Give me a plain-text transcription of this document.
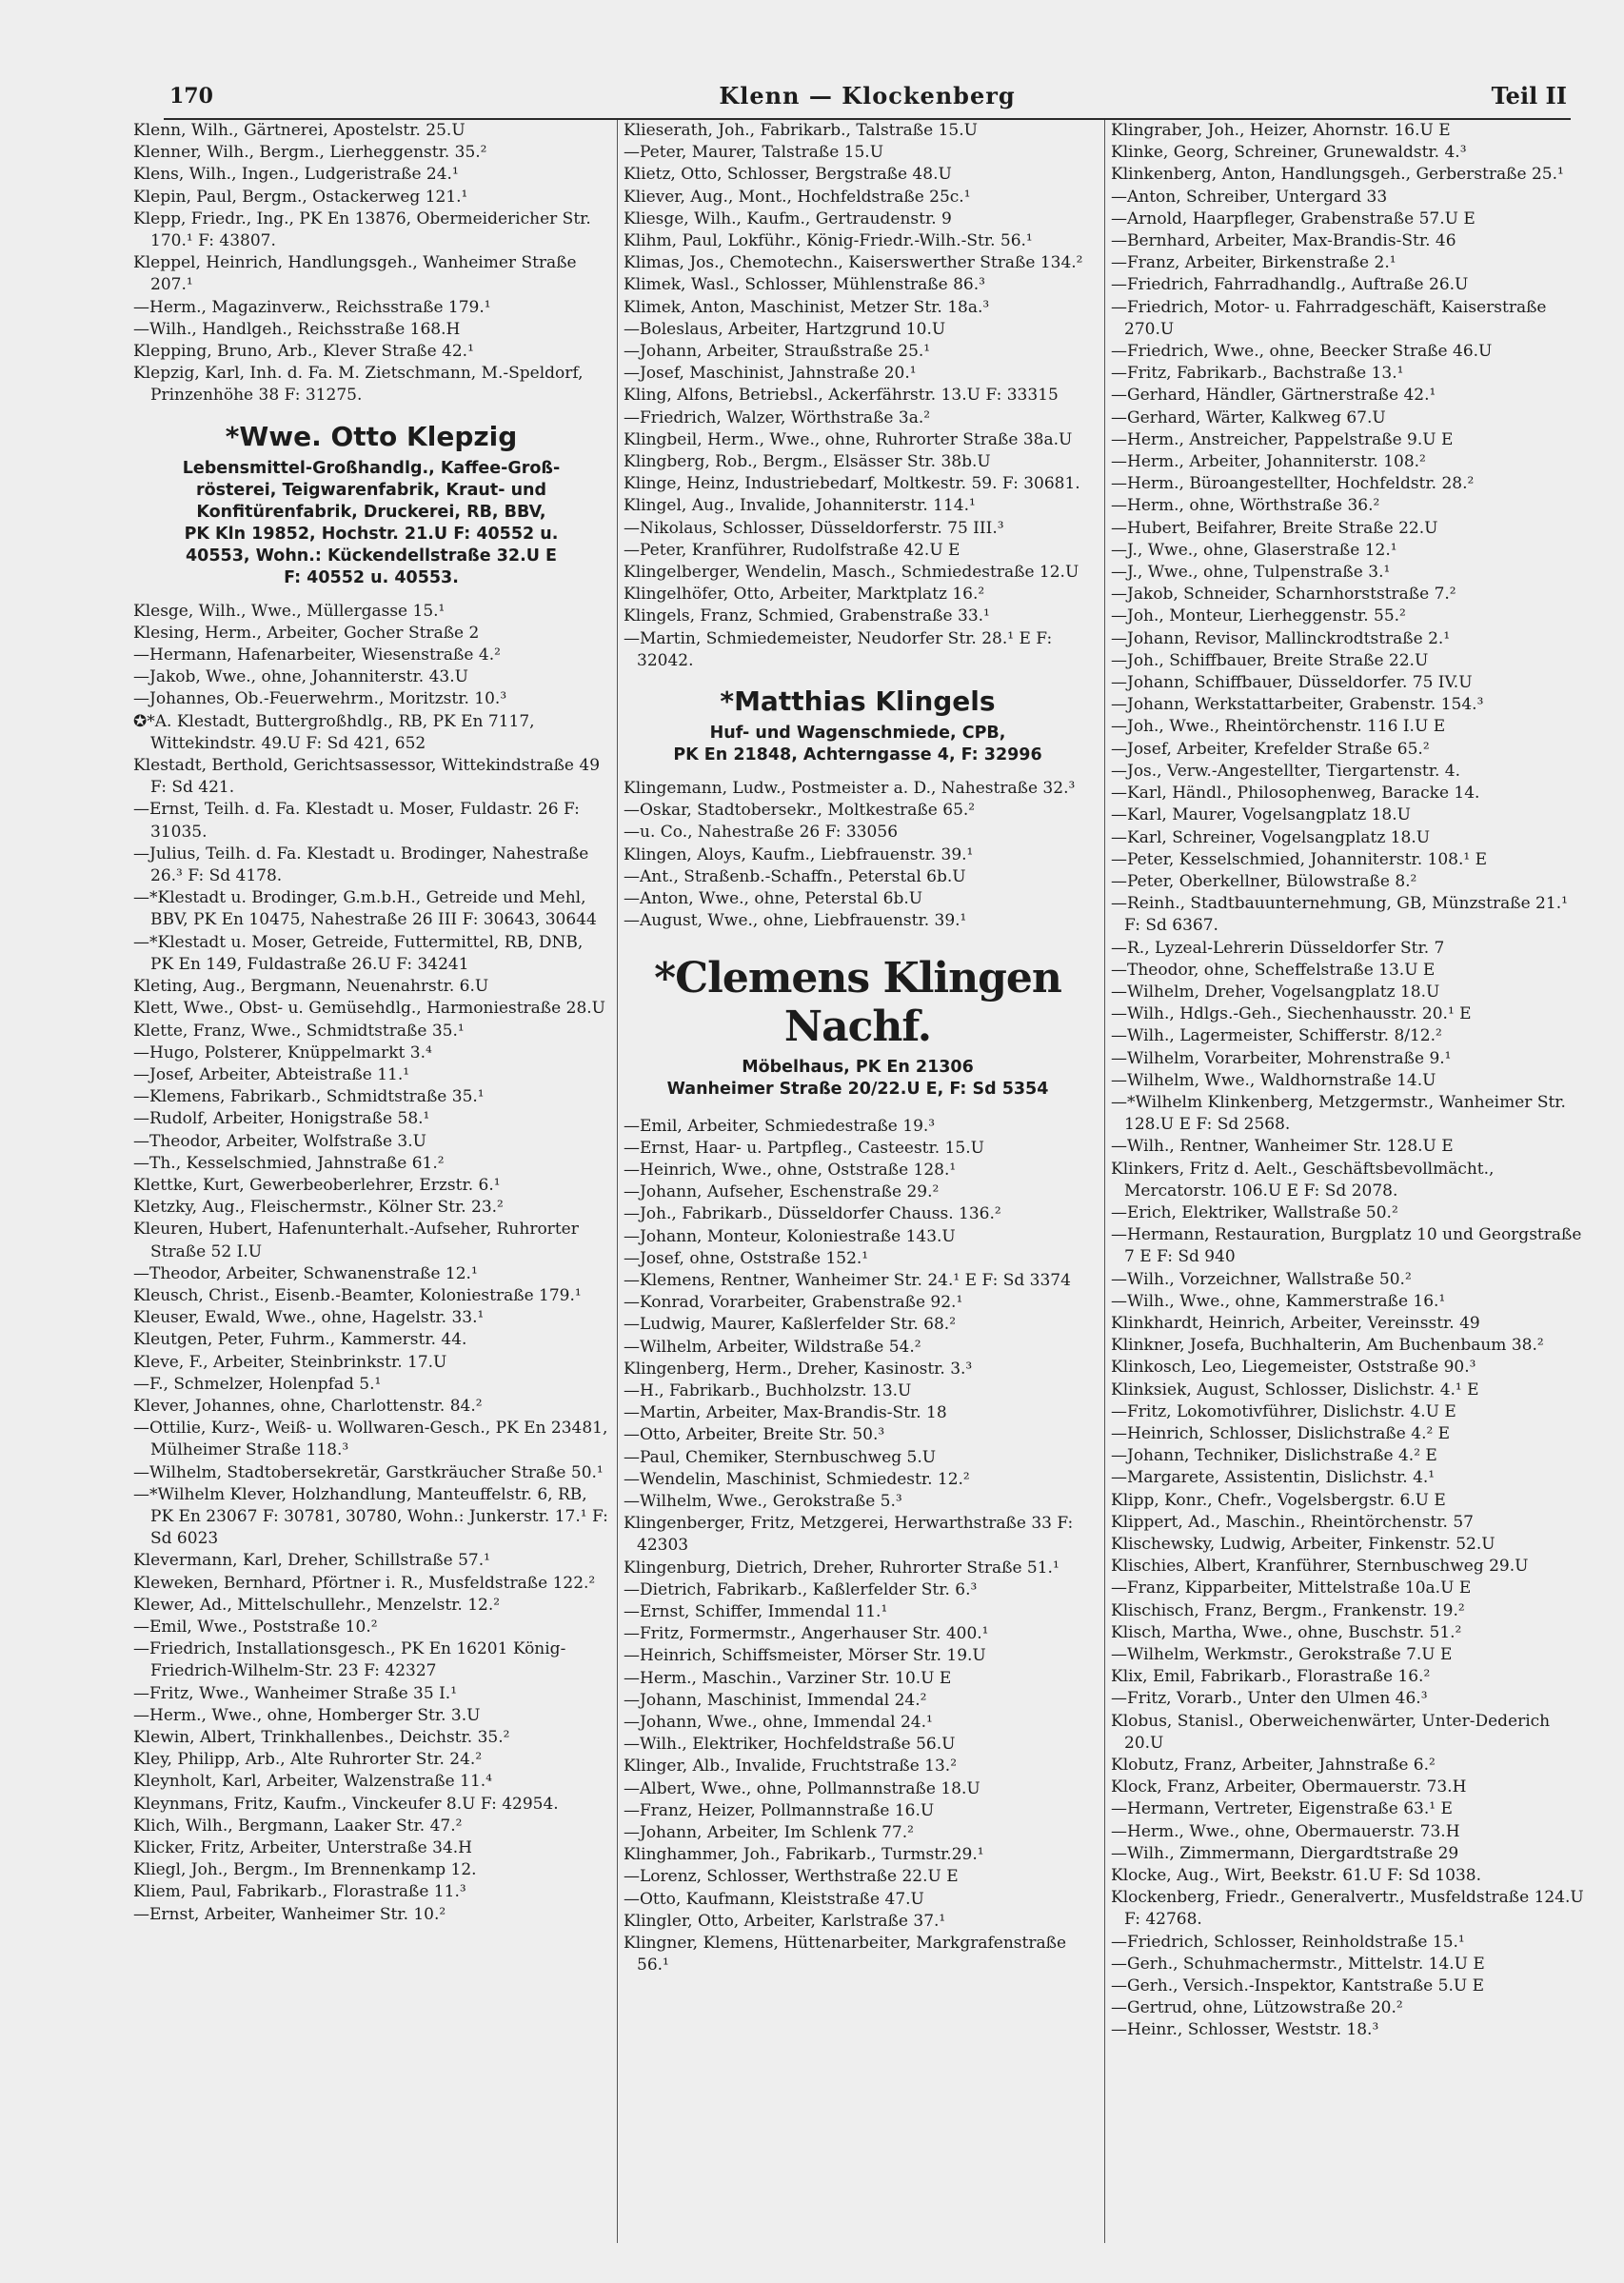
170	Klenn — Klockenberg	Teil II
Klenn, Wilh., Gärtnerei, Apostelstr. 25.U
Klenner, Wilh., Bergm., Lierheggenstr. 35.²
Klens, Wilh., Ingen., Ludgeristraße 24.¹
Klepin, Paul, Bergm., Ostackerweg 121.¹
Klepp, Friedr., Ing., PK En 13876, Obermeidericher Str. 170.¹ F: 43807.
Kleppel, Heinrich, Handlungsgeh., Wanheimer Straße 207.¹
—Herm., Magazinverw., Reichsstraße 179.¹
—Wilh., Handlgeh., Reichsstraße 168.H
Klepping, Bruno, Arb., Klever Straße 42.¹
Klepzig, Karl, Inh. d. Fa. M. Zietschmann, M.-Speldorf, Prinzenhöhe 38 F: 31275.
*Wwe. Otto Klepzig
Lebensmittel-Großhandlg., Kaffee-Groß-
rösterei, Teigwarenfabrik, Kraut- und
Konfitürenfabrik, Druckerei, RB, BBV,
PK Kln 19852, Hochstr. 21.U F: 40552 u.
40553, Wohn.: Kückendellstraße 32.U E
F: 40552 u. 40553.
Klesge, Wilh., Wwe., Müllergasse 15.¹
Klesing, Herm., Arbeiter, Gocher Straße 2
—Hermann, Hafenarbeiter, Wiesenstraße 4.²
—Jakob, Wwe., ohne, Johanniterstr. 43.U
—Johannes, Ob.-Feuerwehrm., Moritzstr. 10.³
✪*A. Klestadt, Buttergroßhdlg., RB, PK En 7117, Wittekindstr. 49.U F: Sd 421, 652
Klestadt, Berthold, Gerichtsassessor, Wittekindstraße 49 F: Sd 421.
—Ernst, Teilh. d. Fa. Klestadt u. Moser, Fuldastr. 26 F: 31035.
—Julius, Teilh. d. Fa. Klestadt u. Brodinger, Nahestraße 26.³ F: Sd 4178.
—*Klestadt u. Brodinger, G.m.b.H., Getreide und Mehl, BBV, PK En 10475, Nahestraße 26 III F: 30643, 30644
—*Klestadt u. Moser, Getreide, Futtermittel, RB, DNB, PK En 149, Fuldastraße 26.U F: 34241
Kleting, Aug., Bergmann, Neuenahrstr. 6.U
Klett, Wwe., Obst- u. Gemüsehdlg., Harmoniestraße 28.U
Klette, Franz, Wwe., Schmidtstraße 35.¹
—Hugo, Polsterer, Knüppelmarkt 3.⁴
—Josef, Arbeiter, Abteistraße 11.¹
—Klemens, Fabrikarb., Schmidtstraße 35.¹
—Rudolf, Arbeiter, Honigstraße 58.¹
—Theodor, Arbeiter, Wolfstraße 3.U
—Th., Kesselschmied, Jahnstraße 61.²
Klettke, Kurt, Gewerbeoberlehrer, Erzstr. 6.¹
Kletzky, Aug., Fleischermstr., Kölner Str. 23.²
Kleuren, Hubert, Hafenunterhalt.-Aufseher, Ruhrorter Straße 52 I.U
—Theodor, Arbeiter, Schwanenstraße 12.¹
Kleusch, Christ., Eisenb.-Beamter, Koloniestraße 179.¹
Kleuser, Ewald, Wwe., ohne, Hagelstr. 33.¹
Kleutgen, Peter, Fuhrm., Kammerstr. 44.
Kleve, F., Arbeiter, Steinbrinkstr. 17.U
—F., Schmelzer, Holenpfad 5.¹
Klever, Johannes, ohne, Charlottenstr. 84.²
—Ottilie, Kurz-, Weiß- u. Wollwaren-Gesch., PK En 23481, Mülheimer Straße 118.³
—Wilhelm, Stadtobersekretär, Garstkräucher Straße 50.¹
—*Wilhelm Klever, Holzhandlung, Manteuffelstr. 6, RB, PK En 23067 F: 30781, 30780, Wohn.: Junkerstr. 17.¹ F: Sd 6023
Klevermann, Karl, Dreher, Schillstraße 57.¹
Kleweken, Bernhard, Pförtner i. R., Musfeldstraße 122.²
Klewer, Ad., Mittelschullehr., Menzelstr. 12.²
—Emil, Wwe., Poststraße 10.²
—Friedrich, Installationsgesch., PK En 16201 König-Friedrich-Wilhelm-Str. 23 F: 42327
—Fritz, Wwe., Wanheimer Straße 35 I.¹
—Herm., Wwe., ohne, Homberger Str. 3.U
Klewin, Albert, Trinkhallenbes., Deichstr. 35.²
Kley, Philipp, Arb., Alte Ruhrorter Str. 24.²
Kleynholt, Karl, Arbeiter, Walzenstraße 11.⁴
Kleynmans, Fritz, Kaufm., Vinckeufer 8.U F: 42954.
Klich, Wilh., Bergmann, Laaker Str. 47.²
Klicker, Fritz, Arbeiter, Unterstraße 34.H
Kliegl, Joh., Bergm., Im Brennenkamp 12.
Kliem, Paul, Fabrikarb., Florastraße 11.³
—Ernst, Arbeiter, Wanheimer Str. 10.²
Klieserath, Joh., Fabrikarb., Talstraße 15.U
—Peter, Maurer, Talstraße 15.U
Klietz, Otto, Schlosser, Bergstraße 48.U
Kliever, Aug., Mont., Hochfeldstraße 25c.¹
Kliesge, Wilh., Kaufm., Gertraudenstr. 9
Klihm, Paul, Lokführ., König-Friedr.-Wilh.-Str. 56.¹
Klimas, Jos., Chemotechn., Kaiserswerther Straße 134.²
Klimek, Wasl., Schlosser, Mühlenstraße 86.³
Klimek, Anton, Maschinist, Metzer Str. 18a.³
—Boleslaus, Arbeiter, Hartzgrund 10.U
—Johann, Arbeiter, Straußstraße 25.¹
—Josef, Maschinist, Jahnstraße 20.¹
Kling, Alfons, Betriebsl., Ackerfährstr. 13.U F: 33315
—Friedrich, Walzer, Wörthstraße 3a.²
Klingbeil, Herm., Wwe., ohne, Ruhrorter Straße 38a.U
Klingberg, Rob., Bergm., Elsässer Str. 38b.U
Klinge, Heinz, Industriebedarf, Moltkestr. 59. F: 30681.
Klingel, Aug., Invalide, Johanniterstr. 114.¹
—Nikolaus, Schlosser, Düsseldorferstr. 75 III.³
—Peter, Kranführer, Rudolfstraße 42.U E
Klingelberger, Wendelin, Masch., Schmiedestraße 12.U
Klingelhöfer, Otto, Arbeiter, Marktplatz 16.²
Klingels, Franz, Schmied, Grabenstraße 33.¹
—Martin, Schmiedemeister, Neudorfer Str. 28.¹ E F: 32042.
*Matthias Klingels
Huf- und Wagenschmiede, CPB,
PK En 21848, Achterngasse 4, F: 32996
Klingemann, Ludw., Postmeister a. D., Nahestraße 32.³
—Oskar, Stadtobersekr., Moltkestraße 65.²
—u. Co., Nahestraße 26 F: 33056
Klingen, Aloys, Kaufm., Liebfrauenstr. 39.¹
—Ant., Straßenb.-Schaffn., Peterstal 6b.U
—Anton, Wwe., ohne, Peterstal 6b.U
—August, Wwe., ohne, Liebfrauenstr. 39.¹
*Clemens Klingen Nachf.
Möbelhaus, PK En 21306
Wanheimer Straße 20/22.U E, F: Sd 5354
—Emil, Arbeiter, Schmiedestraße 19.³
—Ernst, Haar- u. Partpfleg., Casteestr. 15.U
—Heinrich, Wwe., ohne, Oststraße 128.¹
—Johann, Aufseher, Eschenstraße 29.²
—Joh., Fabrikarb., Düsseldorfer Chauss. 136.²
—Johann, Monteur, Koloniestraße 143.U
—Josef, ohne, Oststraße 152.¹
—Klemens, Rentner, Wanheimer Str. 24.¹ E F: Sd 3374
—Konrad, Vorarbeiter, Grabenstraße 92.¹
—Ludwig, Maurer, Kaßlerfelder Str. 68.²
—Wilhelm, Arbeiter, Wildstraße 54.²
Klingenberg, Herm., Dreher, Kasinostr. 3.³
—H., Fabrikarb., Buchholzstr. 13.U
—Martin, Arbeiter, Max-Brandis-Str. 18
—Otto, Arbeiter, Breite Str. 50.³
—Paul, Chemiker, Sternbuschweg 5.U
—Wendelin, Maschinist, Schmiedestr. 12.²
—Wilhelm, Wwe., Gerokstraße 5.³
Klingenberger, Fritz, Metzgerei, Herwarthstraße 33 F: 42303
Klingenburg, Dietrich, Dreher, Ruhrorter Straße 51.¹
—Dietrich, Fabrikarb., Kaßlerfelder Str. 6.³
—Ernst, Schiffer, Immendal 11.¹
—Fritz, Formermstr., Angerhauser Str. 400.¹
—Heinrich, Schiffsmeister, Mörser Str. 19.U
—Herm., Maschin., Varziner Str. 10.U E
—Johann, Maschinist, Immendal 24.²
—Johann, Wwe., ohne, Immendal 24.¹
—Wilh., Elektriker, Hochfeldstraße 56.U
Klinger, Alb., Invalide, Fruchtstraße 13.²
—Albert, Wwe., ohne, Pollmannstraße 18.U
—Franz, Heizer, Pollmannstraße 16.U
—Johann, Arbeiter, Im Schlenk 77.²
Klinghammer, Joh., Fabrikarb., Turmstr.29.¹
—Lorenz, Schlosser, Werthstraße 22.U E
—Otto, Kaufmann, Kleiststraße 47.U
Klingler, Otto, Arbeiter, Karlstraße 37.¹
Klingner, Klemens, Hüttenarbeiter, Markgrafenstraße 56.¹
Klingraber, Joh., Heizer, Ahornstr. 16.U E
Klinke, Georg, Schreiner, Grunewaldstr. 4.³
Klinkenberg, Anton, Handlungsgeh., Gerberstraße 25.¹
—Anton, Schreiber, Untergard 33
—Arnold, Haarpfleger, Grabenstraße 57.U E
—Bernhard, Arbeiter, Max-Brandis-Str. 46
—Franz, Arbeiter, Birkenstraße 2.¹
—Friedrich, Fahrradhandlg., Auftraße 26.U
—Friedrich, Motor- u. Fahrradgeschäft, Kaiserstraße 270.U
—Friedrich, Wwe., ohne, Beecker Straße 46.U
—Fritz, Fabrikarb., Bachstraße 13.¹
—Gerhard, Händler, Gärtnerstraße 42.¹
—Gerhard, Wärter, Kalkweg 67.U
—Herm., Anstreicher, Pappelstraße 9.U E
—Herm., Arbeiter, Johanniterstr. 108.²
—Herm., Büroangestellter, Hochfeldstr. 28.²
—Herm., ohne, Wörthstraße 36.²
—Hubert, Beifahrer, Breite Straße 22.U
—J., Wwe., ohne, Glaserstraße 12.¹
—J., Wwe., ohne, Tulpenstraße 3.¹
—Jakob, Schneider, Scharnhorststraße 7.²
—Joh., Monteur, Lierheggenstr. 55.²
—Johann, Revisor, Mallinckrodtstraße 2.¹
—Joh., Schiffbauer, Breite Straße 22.U
—Johann, Schiffbauer, Düsseldorfer. 75 IV.U
—Johann, Werkstattarbeiter, Grabenstr. 154.³
—Joh., Wwe., Rheintörchenstr. 116 I.U E
—Josef, Arbeiter, Krefelder Straße 65.²
—Jos., Verw.-Angestellter, Tiergartenstr. 4.
—Karl, Händl., Philosophenweg, Baracke 14.
—Karl, Maurer, Vogelsangplatz 18.U
—Karl, Schreiner, Vogelsangplatz 18.U
—Peter, Kesselschmied, Johanniterstr. 108.¹ E
—Peter, Oberkellner, Bülowstraße 8.²
—Reinh., Stadtbauunternehmung, GB, Münzstraße 21.¹ F: Sd 6367.
—R., Lyzeal-Lehrerin Düsseldorfer Str. 7
—Theodor, ohne, Scheffelstraße 13.U E
—Wilhelm, Dreher, Vogelsangplatz 18.U
—Wilh., Hdlgs.-Geh., Siechenhausstr. 20.¹ E
—Wilh., Lagermeister, Schifferstr. 8/12.²
—Wilhelm, Vorarbeiter, Mohrenstraße 9.¹
—Wilhelm, Wwe., Waldhornstraße 14.U
—*Wilhelm Klinkenberg, Metzgermstr., Wanheimer Str. 128.U E F: Sd 2568.
—Wilh., Rentner, Wanheimer Str. 128.U E
Klinkers, Fritz d. Aelt., Geschäftsbevollmächt., Mercatorstr. 106.U E F: Sd 2078.
—Erich, Elektriker, Wallstraße 50.²
—Hermann, Restauration, Burgplatz 10 und Georgstraße 7 E F: Sd 940
—Wilh., Vorzeichner, Wallstraße 50.²
—Wilh., Wwe., ohne, Kammerstraße 16.¹
Klinkhardt, Heinrich, Arbeiter, Vereinsstr. 49
Klinkner, Josefa, Buchhalterin, Am Buchenbaum 38.²
Klinkosch, Leo, Liegemeister, Oststraße 90.³
Klinksiek, August, Schlosser, Dislichstr. 4.¹ E
—Fritz, Lokomotivführer, Dislichstr. 4.U E
—Heinrich, Schlosser, Dislichstraße 4.² E
—Johann, Techniker, Dislichstraße 4.² E
—Margarete, Assistentin, Dislichstr. 4.¹
Klipp, Konr., Chefr., Vogelsbergstr. 6.U E
Klippert, Ad., Maschin., Rheintörchenstr. 57
Klischewsky, Ludwig, Arbeiter, Finkenstr. 52.U
Klischies, Albert, Kranführer, Sternbuschweg 29.U
—Franz, Kipparbeiter, Mittelstraße 10a.U E
Klischisch, Franz, Bergm., Frankenstr. 19.²
Klisch, Martha, Wwe., ohne, Buschstr. 51.²
—Wilhelm, Werkmstr., Gerokstraße 7.U E
Klix, Emil, Fabrikarb., Florastraße 16.²
—Fritz, Vorarb., Unter den Ulmen 46.³
Klobus, Stanisl., Oberweichenwärter, Unter-Dederich 20.U
Klobutz, Franz, Arbeiter, Jahnstraße 6.²
Klock, Franz, Arbeiter, Obermauerstr. 73.H
—Hermann, Vertreter, Eigenstraße 63.¹ E
—Herm., Wwe., ohne, Obermauerstr. 73.H
—Wilh., Zimmermann, Diergardtstraße 29
Klocke, Aug., Wirt, Beekstr. 61.U F: Sd 1038.
Klockenberg, Friedr., Generalvertr., Musfeldstraße 124.U F: 42768.
—Friedrich, Schlosser, Reinholdstraße 15.¹
—Gerh., Schuhmachermstr., Mittelstr. 14.U E
—Gerh., Versich.-Inspektor, Kantstraße 5.U E
—Gertrud, ohne, Lützowstraße 20.²
—Heinr., Schlosser, Weststr. 18.³
